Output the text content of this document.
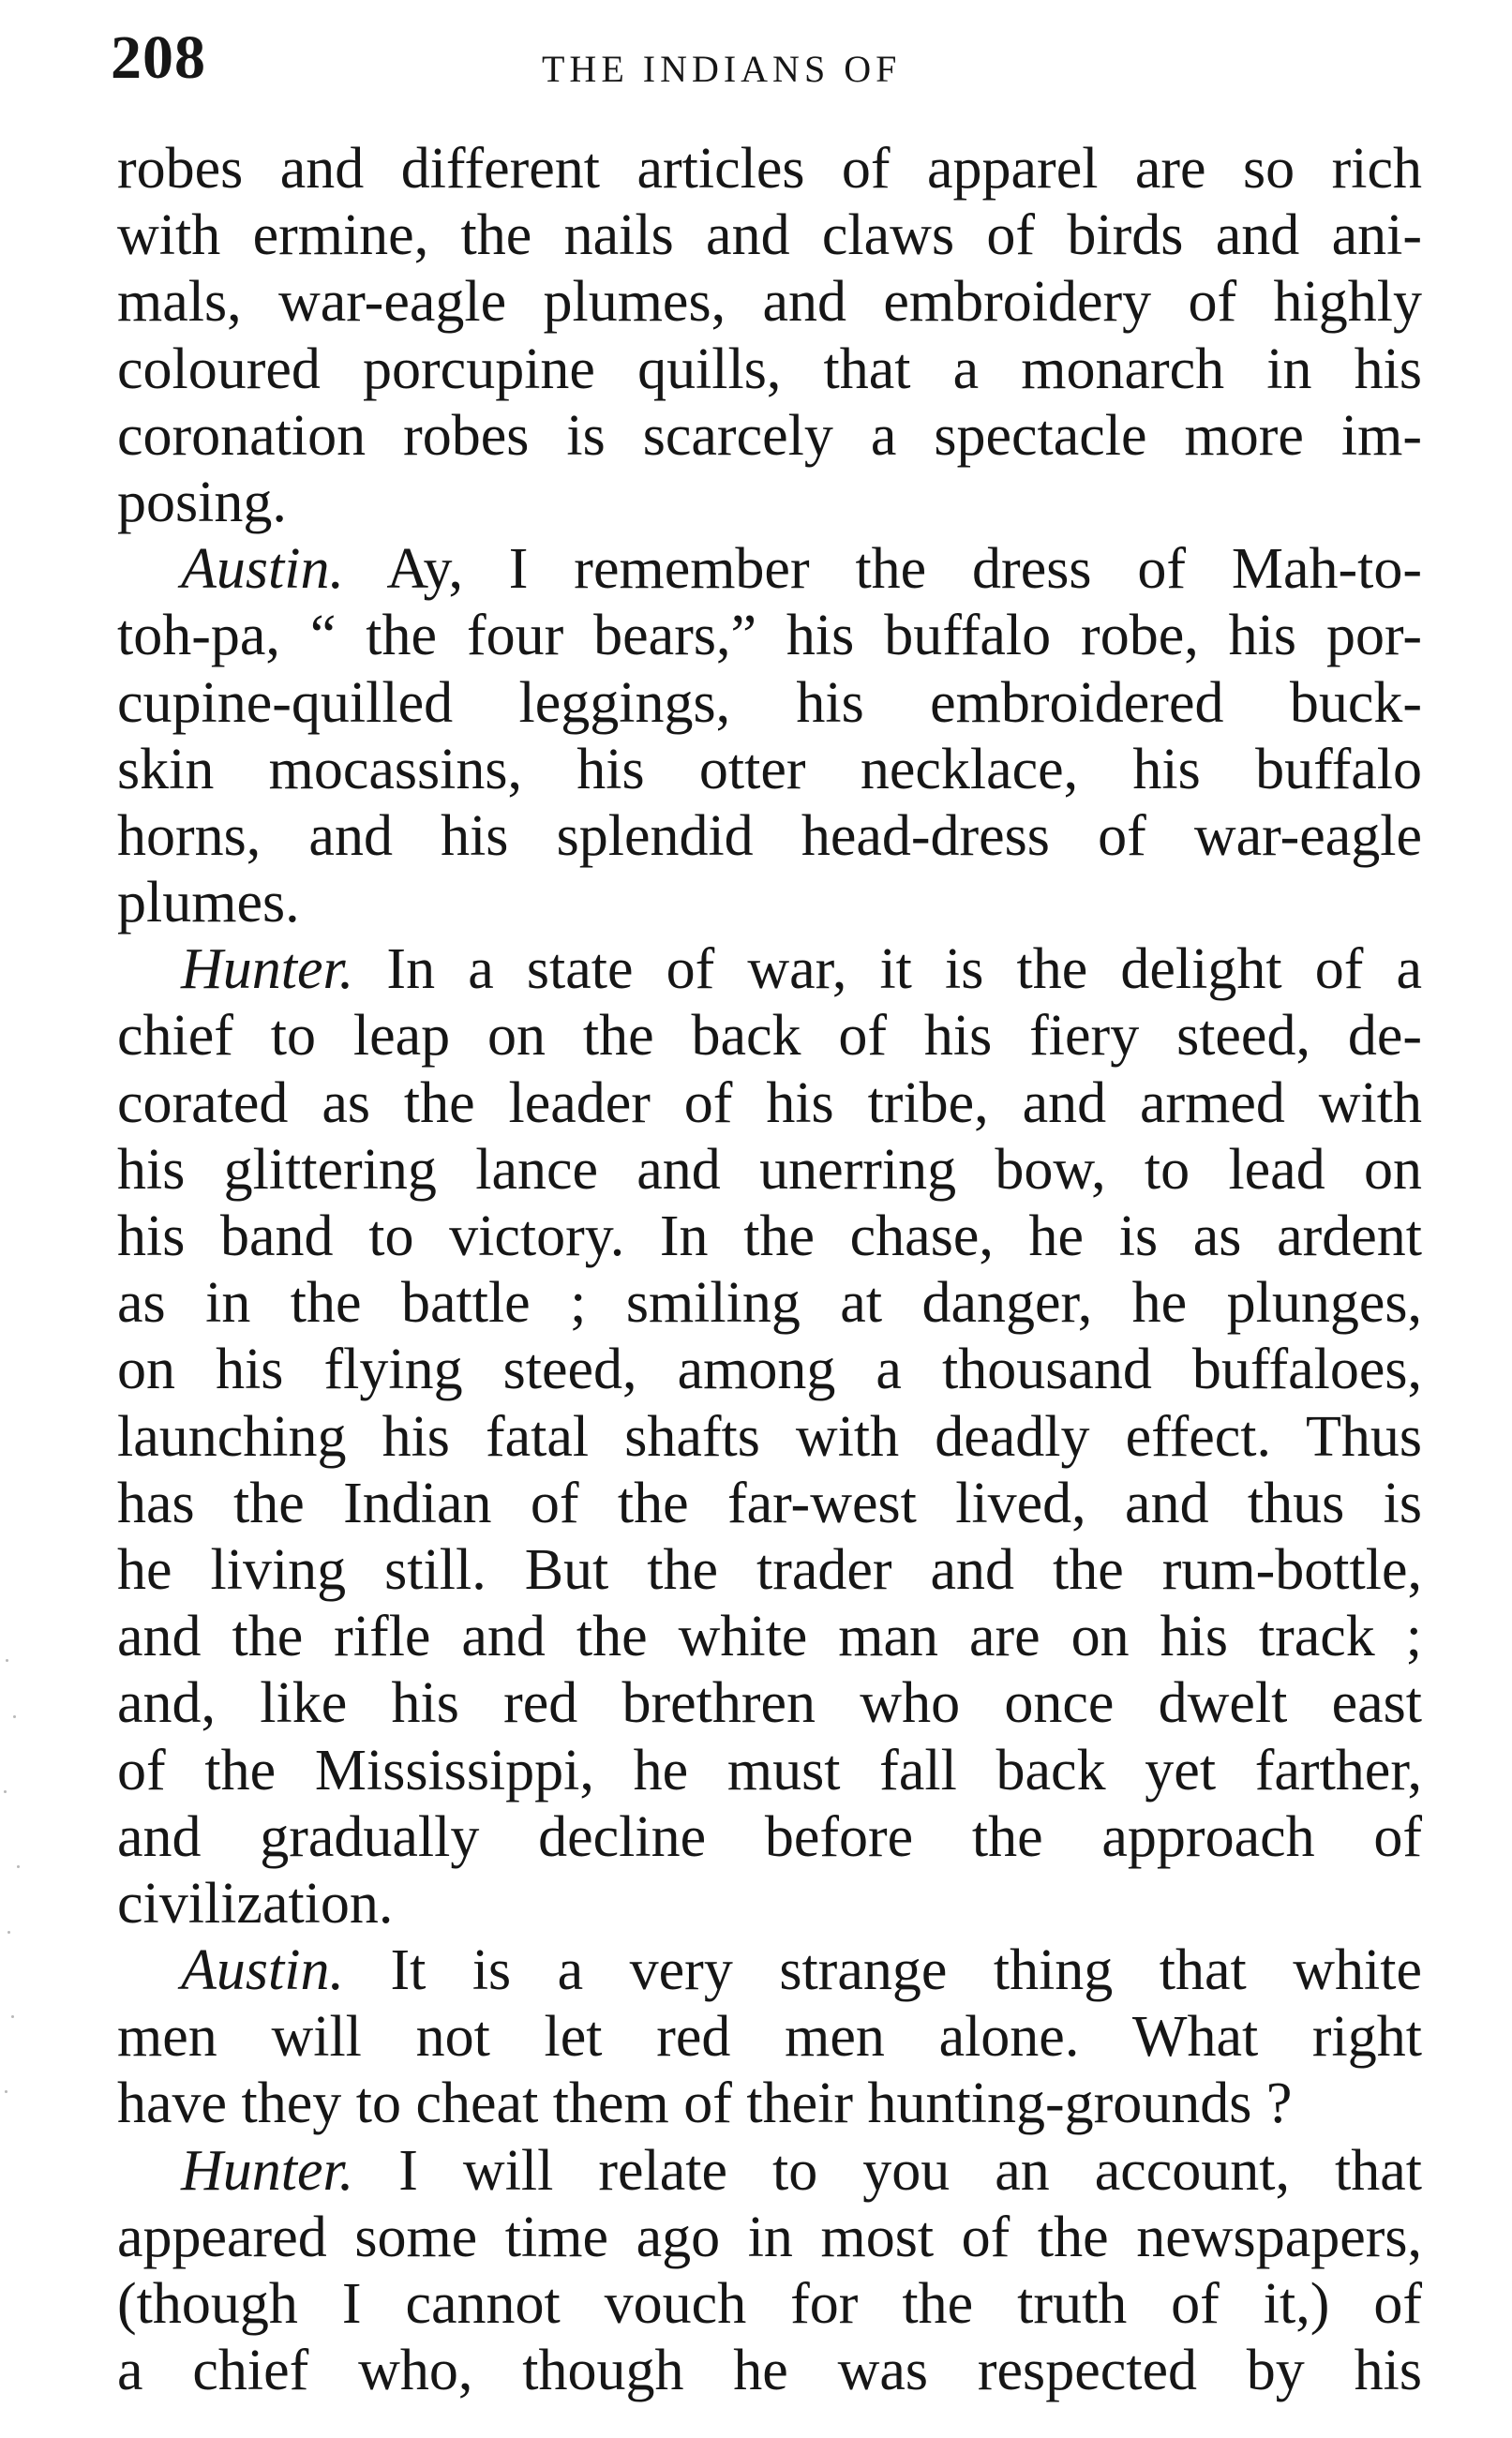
208	THE INDIANS OF
robes and different articles of apparel are so rich
with ermine, the nails and claws of birds and ani-
mals, war-eagle plumes, and embroidery of highly
coloured porcupine quills, that a monarch in his
coronation robes is scarcely a spectacle more im-
posing.
Austin. Ay, I remember the dress of Mah-to-
toh-pa, “ the four bears,” his buffalo robe, his por-
cupine-quilled leggings, his embroidered buck-
skin mocassins, his otter necklace, his buffalo
horns, and his splendid head-dress of war-eagle
plumes.
Hunter. In a state of war, it is the delight of a
chief to leap on the back of his fiery steed, de-
corated as the leader of his tribe, and armed with
his glittering lance and unerring bow, to lead on
his band to victory. In the chase, he is as ardent
as in the battle ; smiling at danger, he plunges,
on his flying steed, among a thousand buffaloes,
launching his fatal shafts with deadly effect. Thus
has the Indian of the far-west lived, and thus is
he living still. But the trader and the rum-bottle,
and the rifle and the white man are on his track ;
and, like his red brethren who once dwelt east
of the Mississippi, he must fall back yet farther,
and gradually decline before the approach of
civilization.
Austin. It is a very strange thing that white
men will not let red men alone. What right
have they to cheat them of their hunting-grounds ?
Hunter. I will relate to you an account, that
appeared some time ago in most of the newspapers,
(though I cannot vouch for the truth of it,) of
a chief who, though he was respected by his
